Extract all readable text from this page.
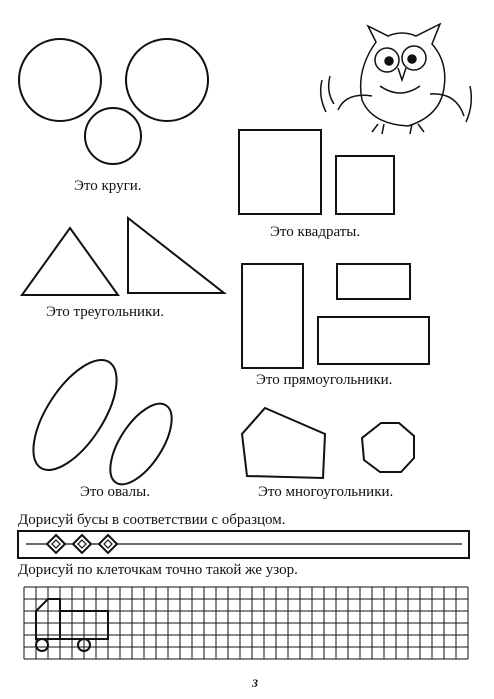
Это круги.
Это квадраты.
Это треугольники.
Это прямоугольники.
Это овалы.	Это многоугольники.
Дорисуй бусы в соответствии с образцом.
Дорисуй по клеточкам точно такой же узор.
3
